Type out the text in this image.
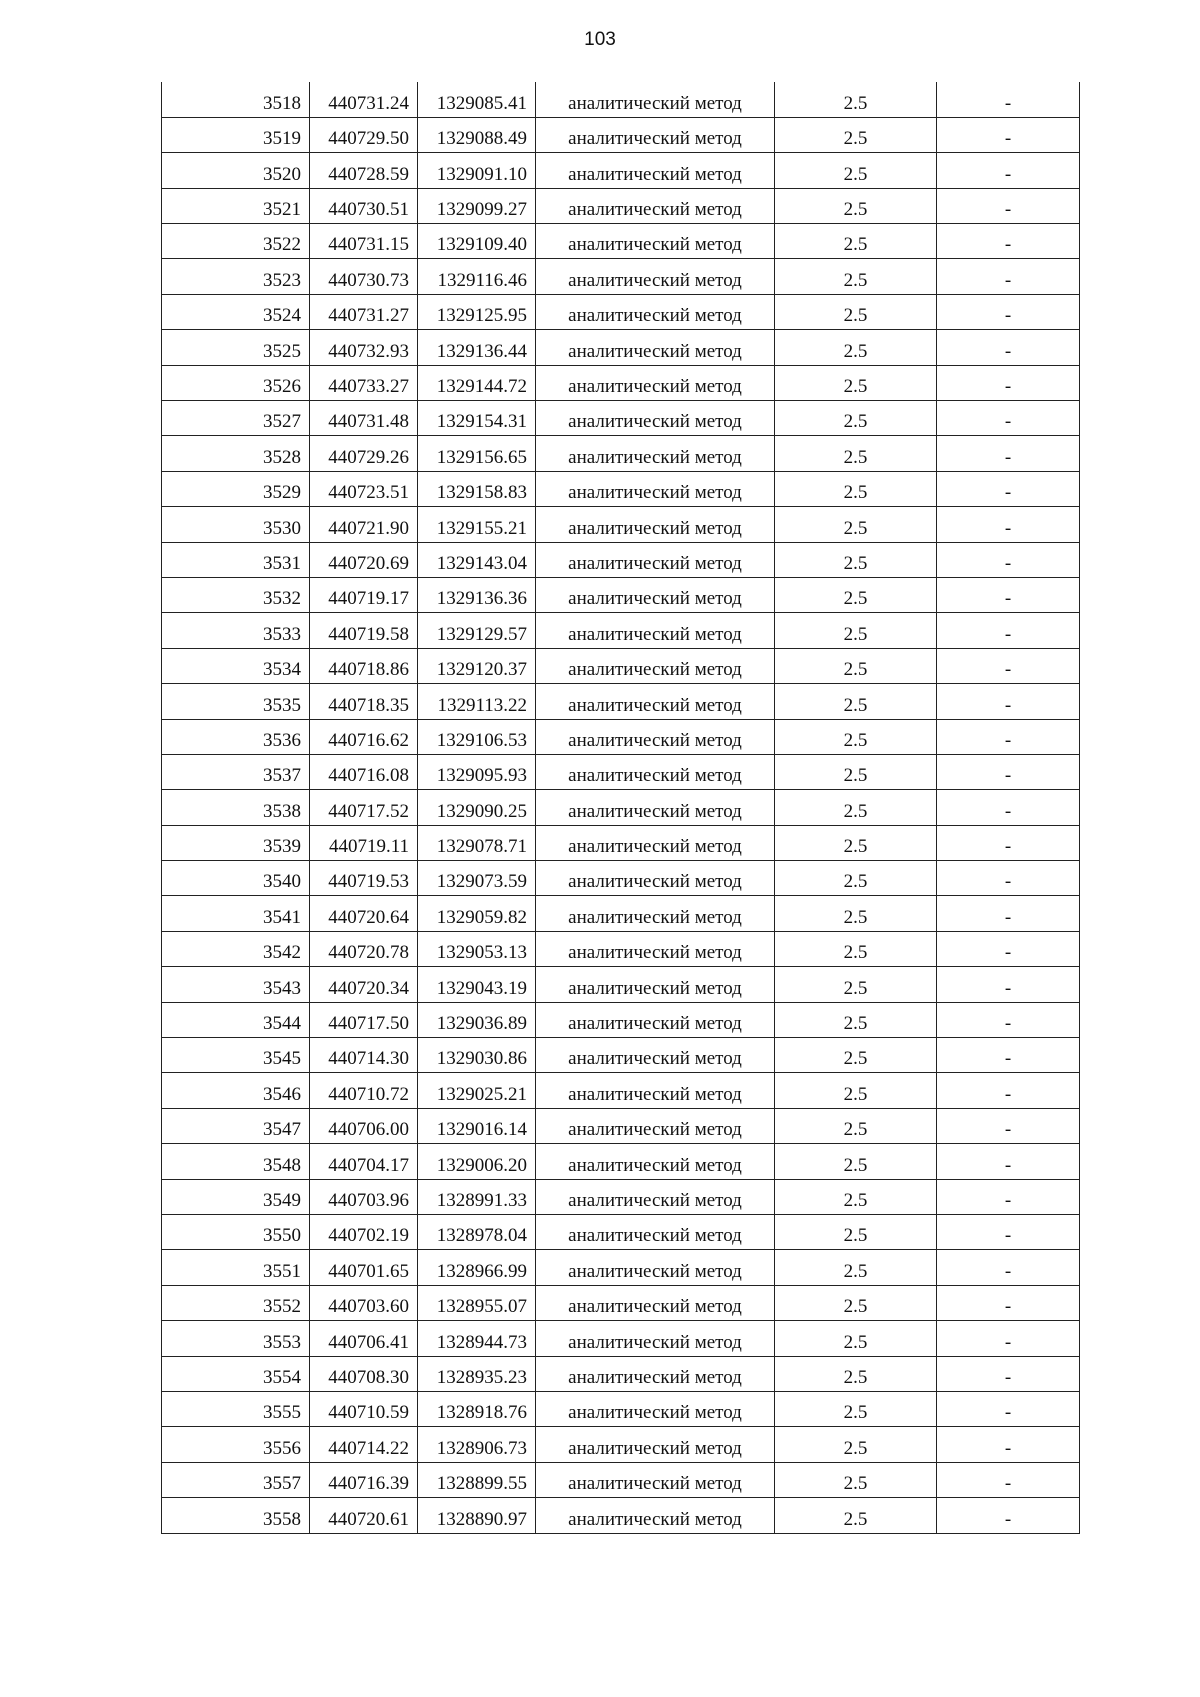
103
3518	440731.24	1329085.41	аналитический метод	2.5	-
3519	440729.50	1329088.49	аналитический метод	2.5	-
3520	440728.59	1329091.10	аналитический метод	2.5	-
3521	440730.51	1329099.27	аналитический метод	2.5	-
3522	440731.15	1329109.40	аналитический метод	2.5	-
3523	440730.73	1329116.46	аналитический метод	2.5	-
3524	440731.27	1329125.95	аналитический метод	2.5	-
3525	440732.93	1329136.44	аналитический метод	2.5	-
3526	440733.27	1329144.72	аналитический метод	2.5	-
3527	440731.48	1329154.31	аналитический метод	2.5	-
3528	440729.26	1329156.65	аналитический метод	2.5	-
3529	440723.51	1329158.83	аналитический метод	2.5	-
3530	440721.90	1329155.21	аналитический метод	2.5	-
3531	440720.69	1329143.04	аналитический метод	2.5	-
3532	440719.17	1329136.36	аналитический метод	2.5	-
3533	440719.58	1329129.57	аналитический метод	2.5	-
3534	440718.86	1329120.37	аналитический метод	2.5	-
3535	440718.35	1329113.22	аналитический метод	2.5	-
3536	440716.62	1329106.53	аналитический метод	2.5	-
3537	440716.08	1329095.93	аналитический метод	2.5	-
3538	440717.52	1329090.25	аналитический метод	2.5	-
3539	440719.11	1329078.71	аналитический метод	2.5	-
3540	440719.53	1329073.59	аналитический метод	2.5	-
3541	440720.64	1329059.82	аналитический метод	2.5	-
3542	440720.78	1329053.13	аналитический метод	2.5	-
3543	440720.34	1329043.19	аналитический метод	2.5	-
3544	440717.50	1329036.89	аналитический метод	2.5	-
3545	440714.30	1329030.86	аналитический метод	2.5	-
3546	440710.72	1329025.21	аналитический метод	2.5	-
3547	440706.00	1329016.14	аналитический метод	2.5	-
3548	440704.17	1329006.20	аналитический метод	2.5	-
3549	440703.96	1328991.33	аналитический метод	2.5	-
3550	440702.19	1328978.04	аналитический метод	2.5	-
3551	440701.65	1328966.99	аналитический метод	2.5	-
3552	440703.60	1328955.07	аналитический метод	2.5	-
3553	440706.41	1328944.73	аналитический метод	2.5	-
3554	440708.30	1328935.23	аналитический метод	2.5	-
3555	440710.59	1328918.76	аналитический метод	2.5	-
3556	440714.22	1328906.73	аналитический метод	2.5	-
3557	440716.39	1328899.55	аналитический метод	2.5	-
3558	440720.61	1328890.97	аналитический метод	2.5	-
